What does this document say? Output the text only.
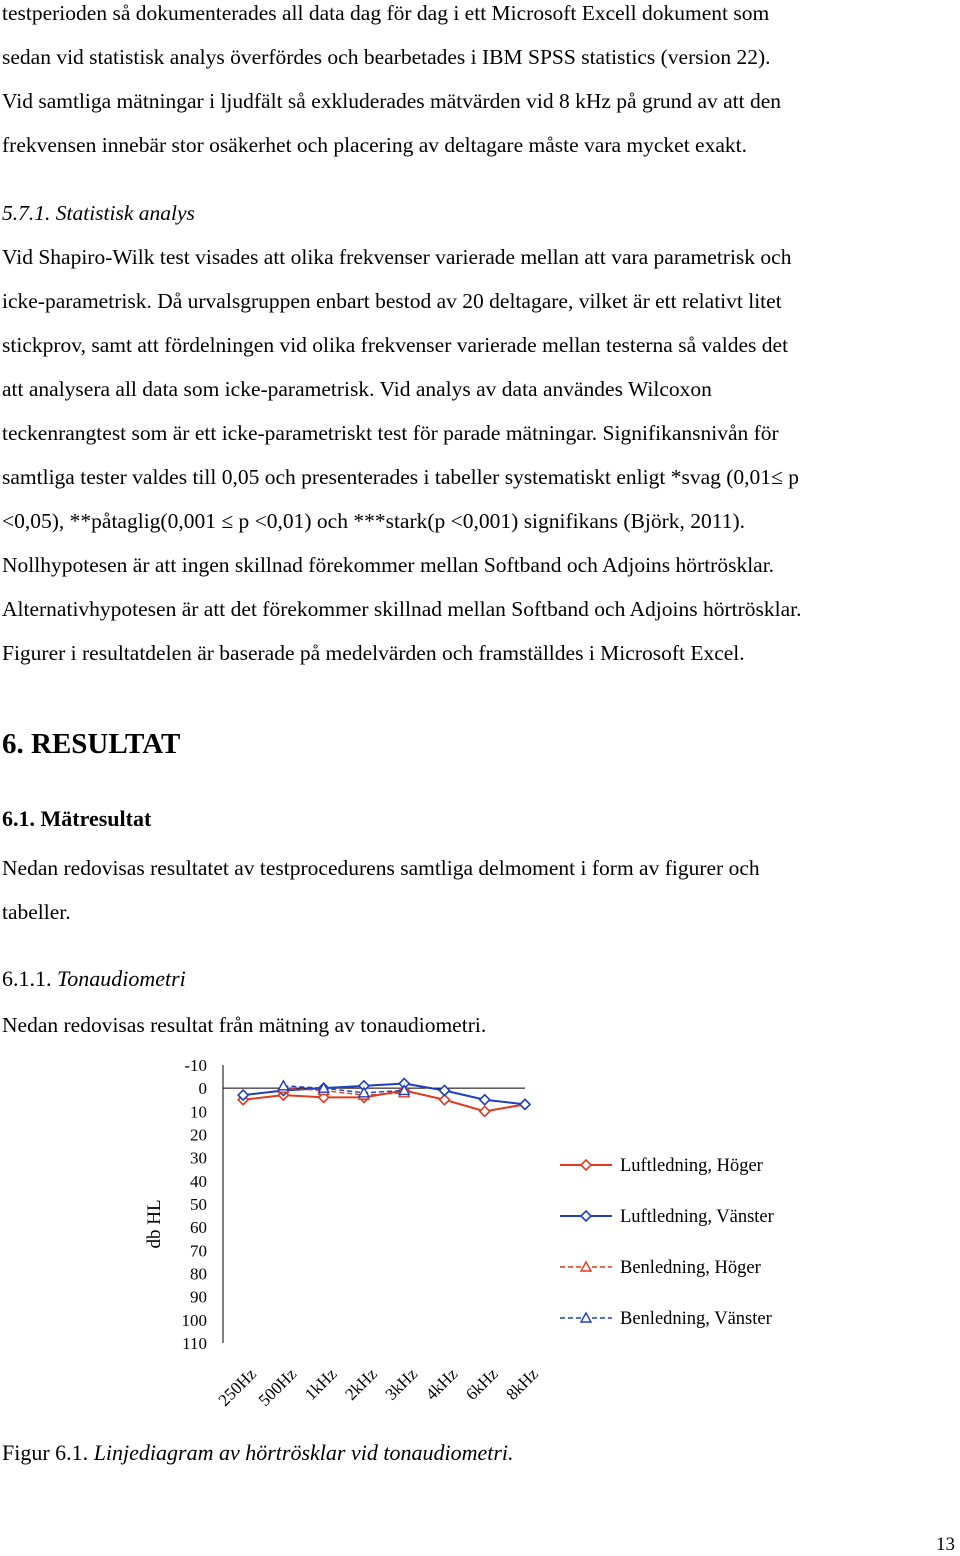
testperioden så dokumenterades all data dag för dag i ett Microsoft Excell dokument som

sedan vid statistisk analys överfördes och bearbetades i IBM SPSS statistics (version 22).

Vid samtliga mätningar i ljudfält så exkluderades mätvärden vid 8 kHz på grund av att den

frekvensen innebär stor osäkerhet och placering av deltagare måste vara mycket exakt.

5.7.1. Statistisk analys

Vid Shapiro-Wilk test visades att olika frekvenser varierade mellan att vara parametrisk och

icke-parametrisk. Då urvalsgruppen enbart bestod av 20 deltagare, vilket är ett relativt litet

stickprov, samt att fördelningen vid olika frekvenser varierade mellan testerna så valdes det

att analysera all data som icke-parametrisk. Vid analys av data användes Wilcoxon

teckenrangtest som är ett icke-parametriskt test för parade mätningar. Signifikansnivån för

samtliga tester valdes till 0,05 och presenterades i tabeller systematiskt enligt *svag (0,01≤ p

<0,05), **påtaglig(0,001 ≤ p <0,01) och ***stark(p <0,001) signifikans (Björk, 2011).

Nollhypotesen är att ingen skillnad förekommer mellan Softband och Adjoins hörtrösklar.

Alternativhypotesen är att det förekommer skillnad mellan Softband och Adjoins hörtrösklar.

Figurer i resultatdelen är baserade på medelvärden och framställdes i Microsoft Excel.

6. RESULTAT

6.1. Mätresultat

Nedan redovisas resultatet av testprocedurens samtliga delmoment i form av figurer och

tabeller.

6.1.1. Tonaudiometri

Nedan redovisas resultat från mätning av tonaudiometri.

-10
0
10
20
30
40
50
60
70
80
90
100
110
db HL
250Hz
500Hz 1kHz 2kHz 3kHz 4kHz 6kHz 8kHz
Luftledning, Höger
Luftledning, Vänster
Benledning, Höger
Benledning, Vänster

Figur 6.1. Linjediagram av hörtrösklar vid tonaudiometri.

13
